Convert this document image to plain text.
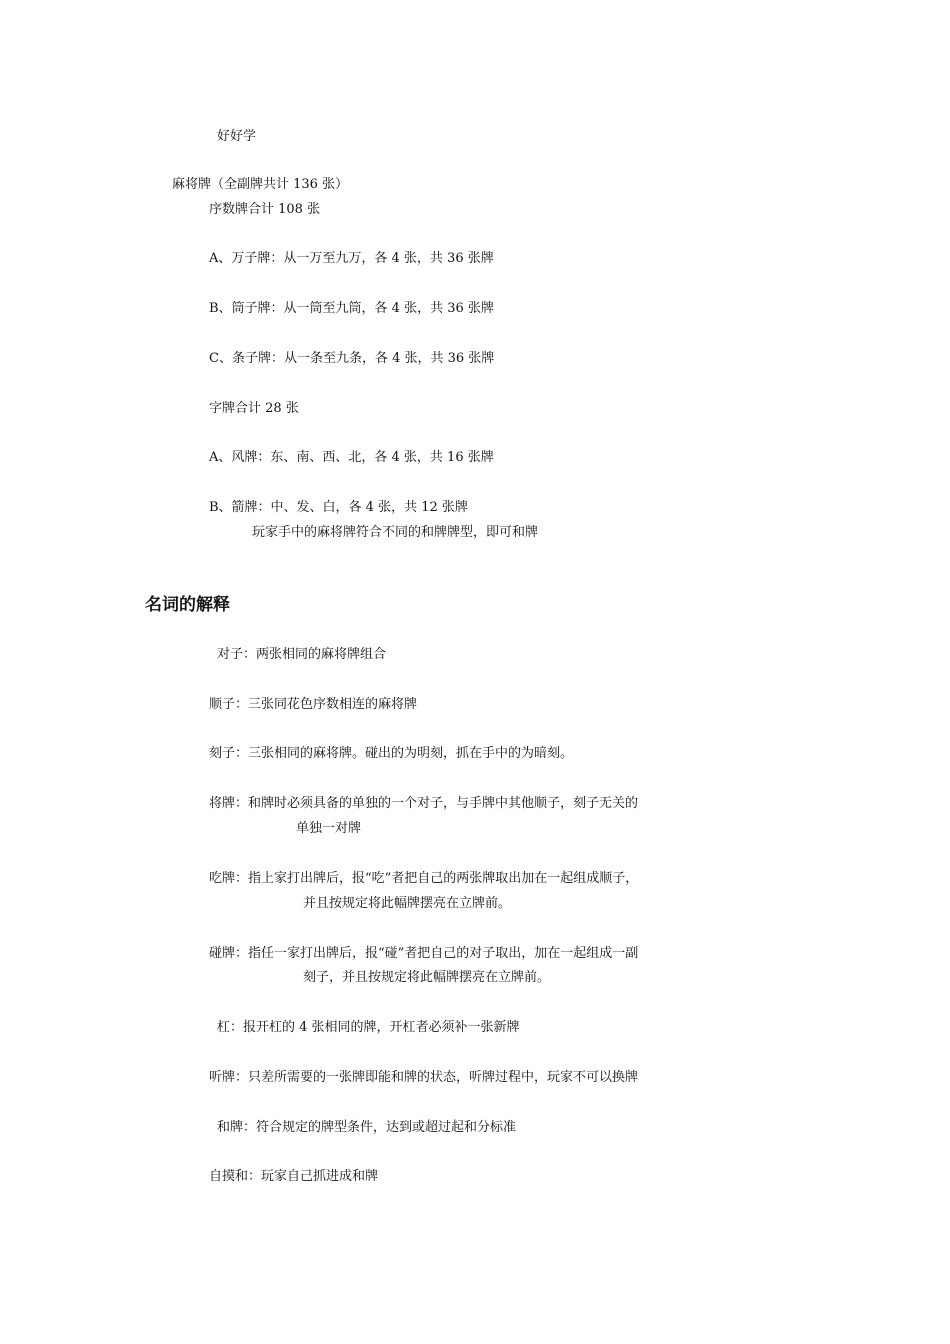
好好学
麻将牌（全副牌共计 136 张）
序数牌合计 108 张
A、万子牌：从一万至九万，各 4 张，共 36 张牌
B、筒子牌：从一筒至九筒，各 4 张，共 36 张牌
C、条子牌：从一条至九条，各 4 张，共 36 张牌
字牌合计 28 张
A、风牌：东、南、西、北，各 4 张，共 16 张牌
B、箭牌：中、发、白，各 4 张，共 12 张牌
玩家手中的麻将牌符合不同的和牌牌型，即可和牌
名词的解释
对子：两张相同的麻将牌组合
顺子：三张同花色序数相连的麻将牌
刻子：三张相同的麻将牌。碰出的为明刻，抓在手中的为暗刻。
将牌：和牌时必须具备的单独的一个对子，与手牌中其他顺子，刻子无关的
单独一对牌
吃牌：指上家打出牌后，报“吃”者把自己的两张牌取出加在一起组成顺子，
并且按规定将此幅牌摆亮在立牌前。
碰牌：指任一家打出牌后，报“碰”者把自己的对子取出，加在一起组成一副
刻子，并且按规定将此幅牌摆亮在立牌前。
杠：报开杠的 4 张相同的牌，开杠者必须补一张新牌
听牌：只差所需要的一张牌即能和牌的状态，听牌过程中，玩家不可以换牌
和牌：符合规定的牌型条件，达到或超过起和分标准
自摸和：玩家自己抓进成和牌
